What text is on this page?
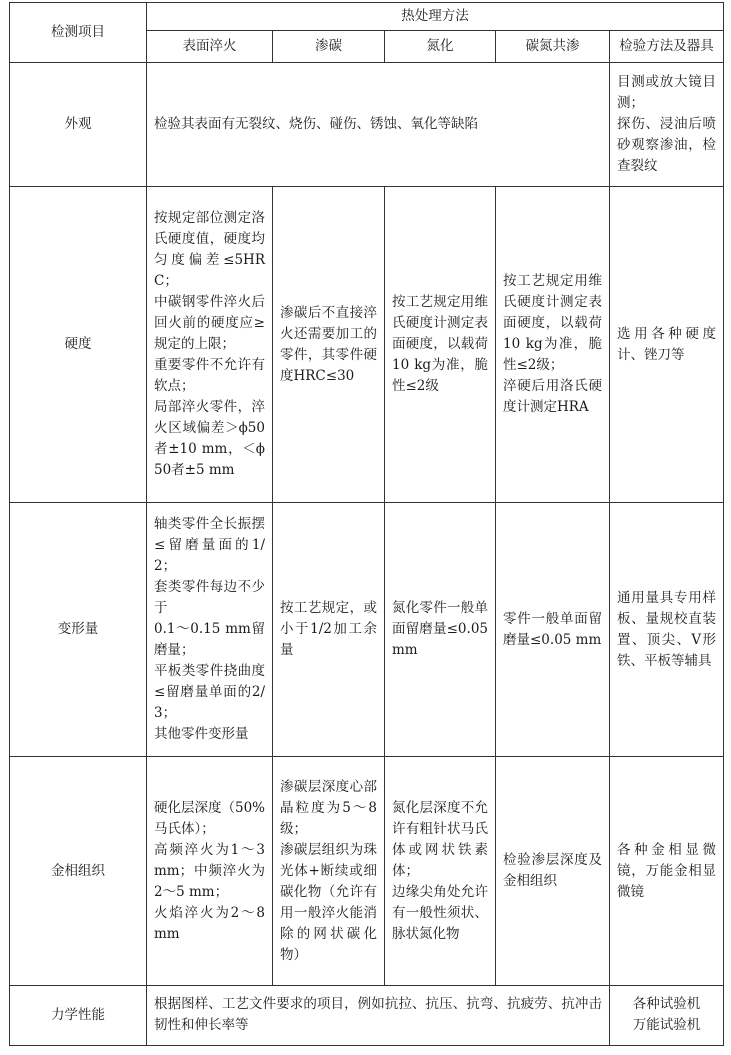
检测项目	热处理方法				
	表面淬火	渗碳	氮化	碳氮共渗	检验方法及器具
外观	检验其表面有无裂纹、烧伤、碰伤、锈蚀、氧化等缺陷				目测或放大镜目测；
探伤、浸油后喷砂观察渗油，检查裂纹
硬度	按规定部位测定洛氏硬度值，硬度均匀度偏差≤5HRC；
中碳钢零件淬火后回火前的硬度应≥规定的上限；
重要零件不允许有软点；
局部淬火零件，淬火区域偏差＞ϕ50者±10 mm，＜ϕ50者±5 mm	渗碳后不直接淬火还需要加工的零件，其零件硬度HRC≤30	按工艺规定用维氏硬度计测定表面硬度，以载荷10 kg为准，脆性≤2级	按工艺规定用维氏硬度计测定表面硬度，以载荷10 kg为准，脆性≤2级；
淬硬后用洛氏硬度计测定HRA	选用各种硬度计、锉刀等
变形量	轴类零件全长振摆≤留磨量面的1/2；
套类零件每边不少于
0.1～0.15 mm留磨量；
平板类零件挠曲度≤留磨量单面的2/3；
其他零件变形量	按工艺规定，或小于1/2加工余量	氮化零件一般单面留磨量≤0.05 mm	零件一般单面留磨量≤0.05 mm	通用量具专用样板、量规校直装置、顶尖、V形铁、平板等辅具
金相组织	硬化层深度（50%马氏体）；
高频淬火为1～3 mm；中频淬火为2～5 mm；
火焰淬火为2～8 mm	渗碳层深度心部晶粒度为5～8级；
渗碳层组织为珠光体+断续或细碳化物（允许有用一般淬火能消除的网状碳化物）	氮化层深度不允许有粗针状马氏体或网状铁素体；
边缘尖角处允许有一般性须状、脉状氮化物	检验渗层深度及金相组织	各种金相显微镜，万能金相显微镜
力学性能	根据图样、工艺文件要求的项目，例如抗拉、抗压、抗弯、抗疲劳、抗冲击韧性和伸长率等				各种试验机
万能试验机
